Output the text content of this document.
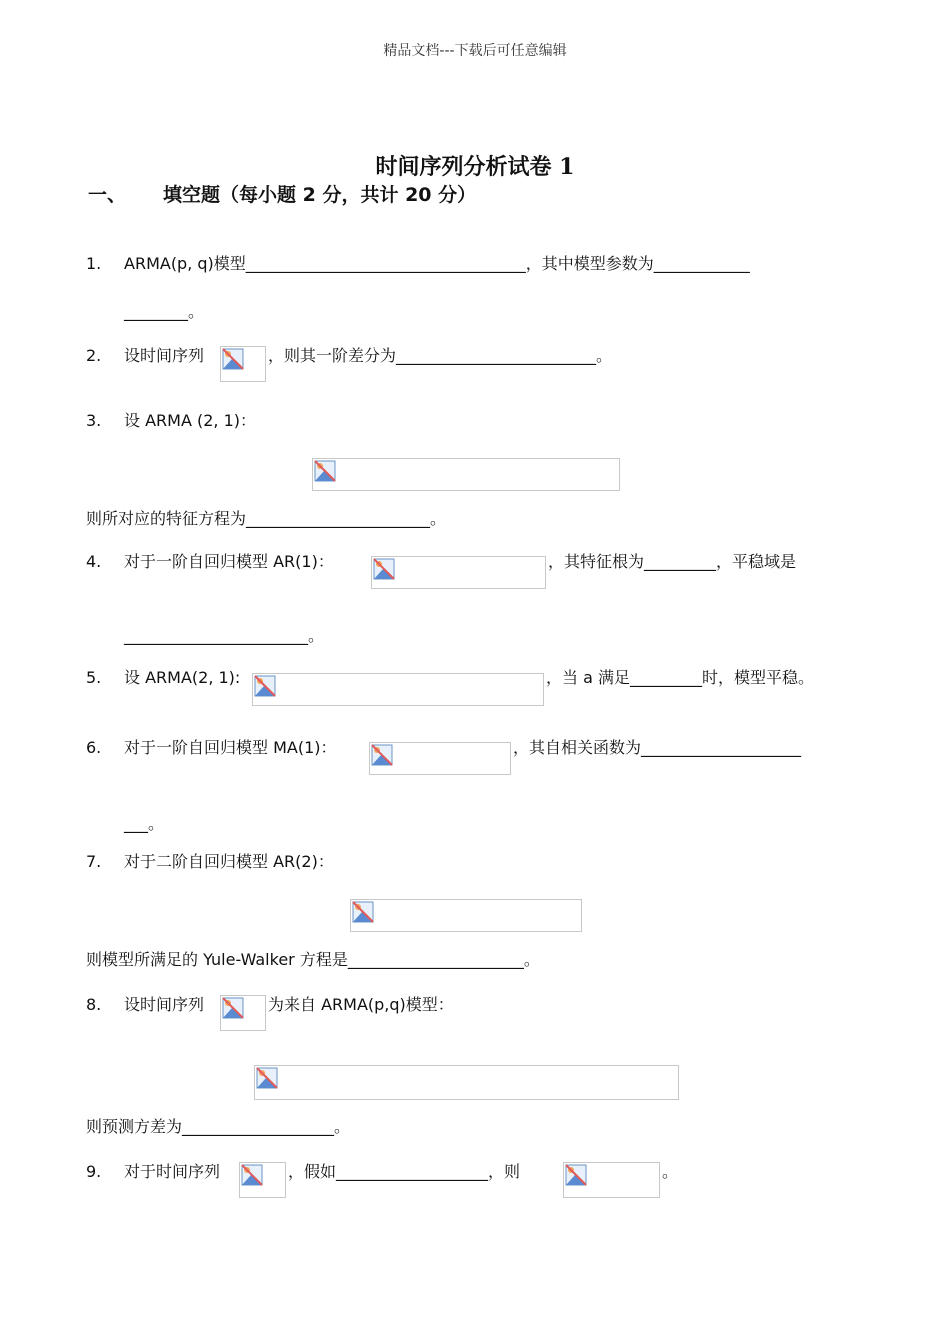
精品文档---下载后可任意编辑
时间序列分析试卷 1
一、 填空题（每小题 2 分，共计 20 分）
1. ARMA(p, q)模型___________________________________，其中模型参数为____________
________。
2. 设时间序列	，则其一阶差分为_________________________。
3. 设 ARMA (2, 1)：
则所对应的特征方程为_______________________。
4. 对于一阶自回归模型 AR(1)：	，其特征根为_________，平稳域是
_______________________。
5. 设 ARMA(2, 1):	，当 a 满足_________时，模型平稳。
6. 对于一阶自回归模型 MA(1)：	，其自相关函数为____________________
___。
7. 对于二阶自回归模型 AR(2)：
则模型所满足的 Yule-Walker 方程是______________________。
8. 设时间序列	为来自 ARMA(p,q)模型：
则预测方差为___________________。
9. 对于时间序列	，假如___________________，则	。
